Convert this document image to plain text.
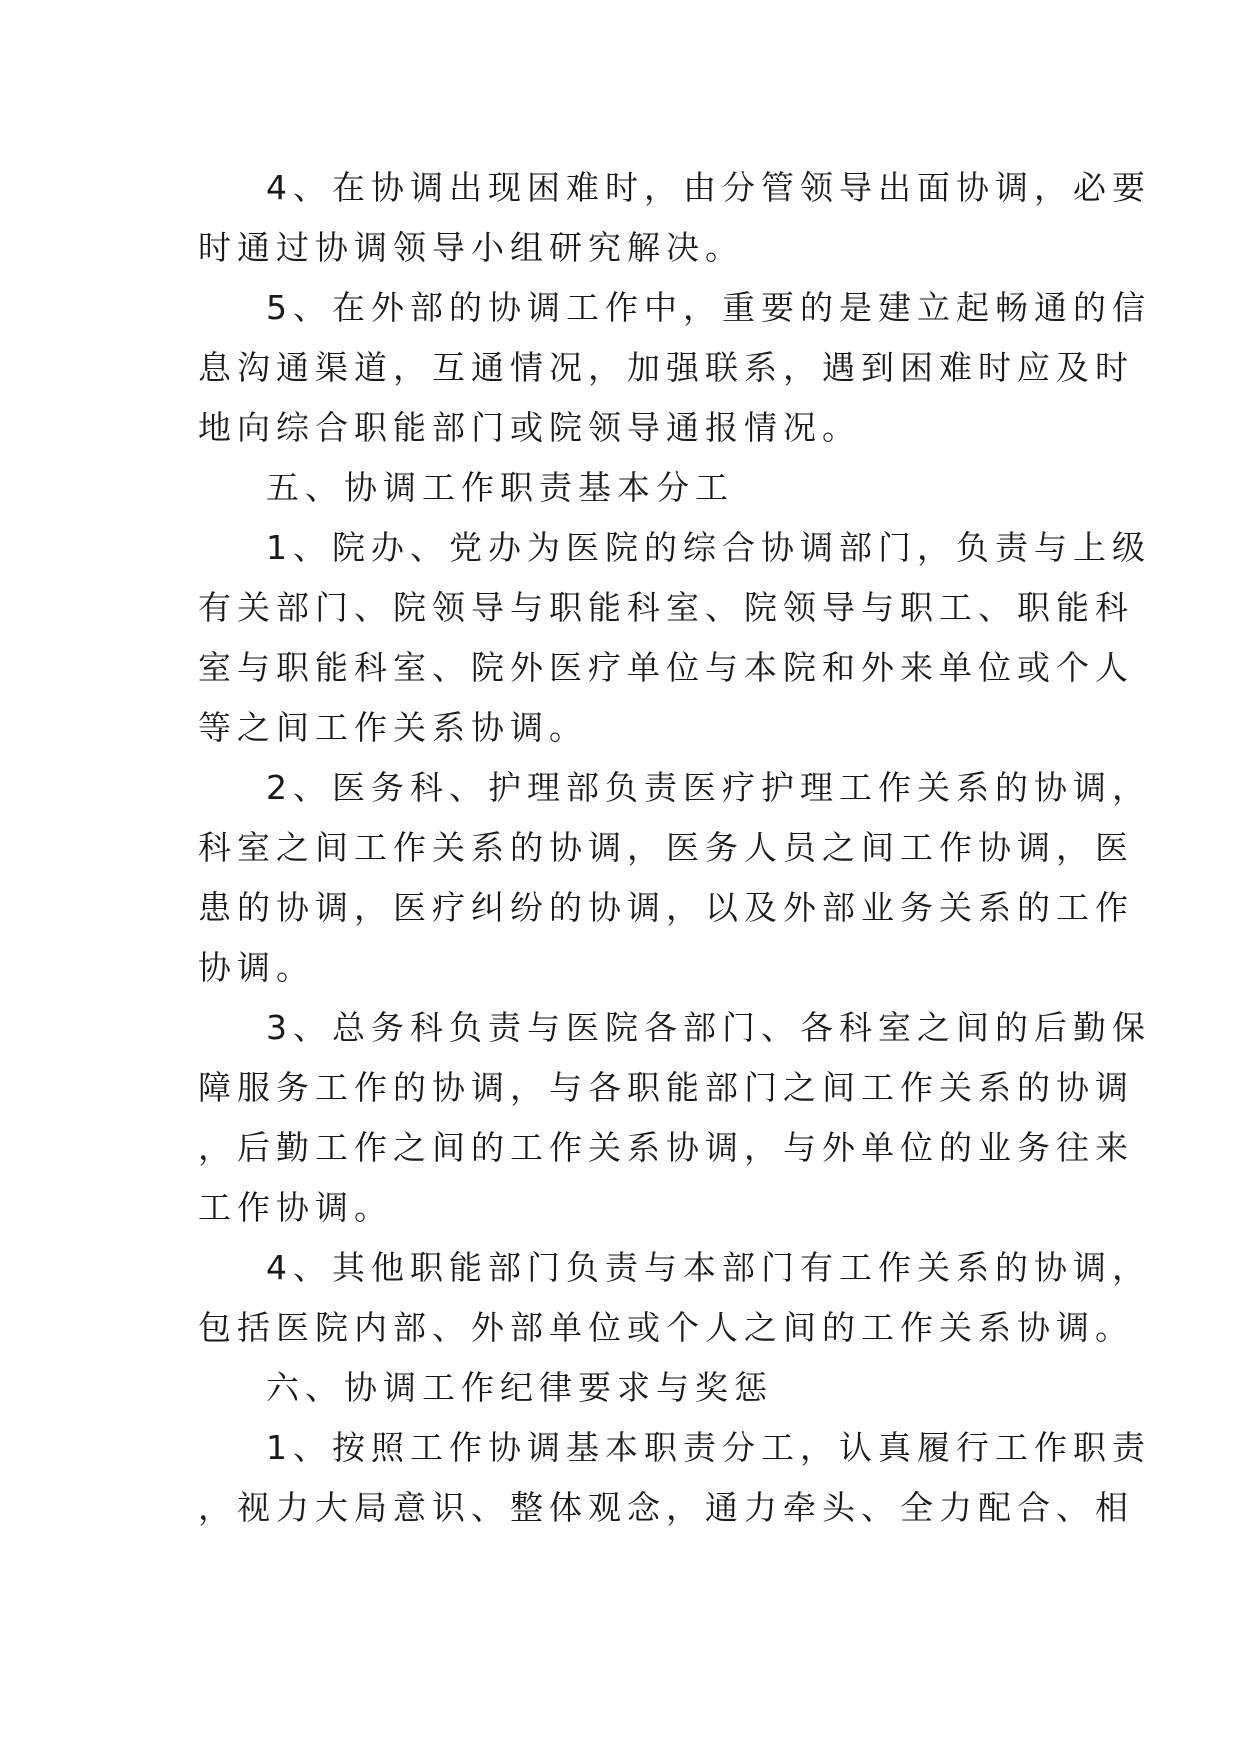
4、在协调出现困难时，由分管领导出面协调，必要
时通过协调领导小组研究解决。
5、在外部的协调工作中，重要的是建立起畅通的信
息沟通渠道，互通情况，加强联系，遇到困难时应及时
地向综合职能部门或院领导通报情况。
五、协调工作职责基本分工
1、院办、党办为医院的综合协调部门，负责与上级
有关部门、院领导与职能科室、院领导与职工、职能科
室与职能科室、院外医疗单位与本院和外来单位或个人
等之间工作关系协调。
2、医务科、护理部负责医疗护理工作关系的协调，
科室之间工作关系的协调，医务人员之间工作协调，医
患的协调，医疗纠纷的协调，以及外部业务关系的工作
协调。
3、总务科负责与医院各部门、各科室之间的后勤保
障服务工作的协调，与各职能部门之间工作关系的协调
，后勤工作之间的工作关系协调，与外单位的业务往来
工作协调。
4、其他职能部门负责与本部门有工作关系的协调，
包括医院内部、外部单位或个人之间的工作关系协调。
六、协调工作纪律要求与奖惩
1、按照工作协调基本职责分工，认真履行工作职责
，视力大局意识、整体观念，通力牵头、全力配合、相
